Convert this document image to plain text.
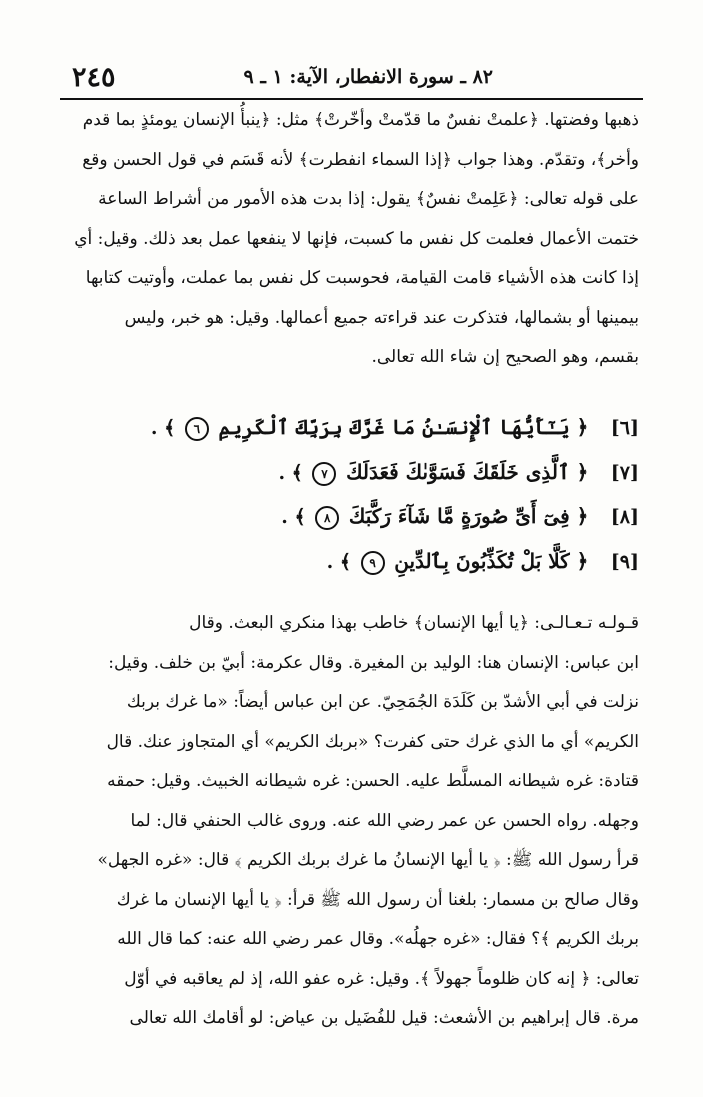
٢٤٥	٨٢ ـ سورة الانفطار، الآية: ١ ـ ٩
ذهبها وفضتها. ﴿علمتْ نفسٌ ما قدّمتْ وأخّرتْ﴾ مثل: ﴿ينبأُ الإنسان يومئذٍ بما قدم
وأخر﴾، وتقدّم. وهذا جواب ﴿إذا السماء انفطرت﴾ لأنه قَسَم في قول الحسن وقع
على قوله تعالى: ﴿عَلِمتْ نفسٌ﴾ يقول: إذا بدت هذه الأمور من أشراط الساعة
ختمت الأعمال فعلمت كل نفس ما كسبت، فإنها لا ينفعها عمل بعد ذلك. وقيل: أي
إذا كانت هذه الأشياء قامت القيامة، فحوسبت كل نفس بما عملت، وأوتيت كتابها
بيمينها أو بشمالها، فتذكرت عند قراءته جميع أعمالها. وقيل: هو خبر، وليس
بقسم، وهو الصحيح إن شاء الله تعالى.
[٦] ﴿ يَـٰٓأَيُّهَا ٱلْإِنسَـٰنُ مَا غَرَّكَ بِرَبِّكَ ٱلْكَرِيمِ ٦ ﴾ .
[٧] ﴿ ٱلَّذِى خَلَقَكَ فَسَوَّىٰكَ فَعَدَلَكَ ٧ ﴾ .
[٨] ﴿ فِىٓ أَىِّ صُورَةٍ مَّا شَآءَ رَكَّبَكَ ٨ ﴾ .
[٩] ﴿ كَلَّا بَلْ تُكَذِّبُونَ بِٱلدِّينِ ٩ ﴾ .
قـولـه تـعـالـى: ﴿يا أيها الإنسان﴾ خاطب بهذا منكري البعث. وقال
ابن عباس: الإنسان هنا: الوليد بن المغيرة. وقال عكرمة: أبيّ بن خلف. وقيل:
نزلت في أبي الأشدّ بن كَلَدَة الجُمَحِيّ. عن ابن عباس أيضاً: «ما غرك بربك
الكريم» أي ما الذي غرك حتى كفرت؟ «بربك الكريم» أي المتجاوز عنك. قال
قتادة: غره شيطانه المسلَّط عليه. الحسن: غره شيطانه الخبيث. وقيل: حمقه
وجهله. رواه الحسن عن عمر رضي الله عنه. وروى غالب الحنفي قال: لما
قرأ رسول الله ﷺ: ﴿ يا أيها الإنسانُ ما غرك بربك الكريم ﴾ قال: «غره الجهل»
وقال صالح بن مسمار: بلغنا أن رسول الله ﷺ قرأ: ﴿ يا أيها الإنسان ما غرك
بربك الكريم ﴾؟ فقال: «غره جهلُه». وقال عمر رضي الله عنه: كما قال الله
تعالى: ﴿ إنه كان ظلوماً جهولاً ﴾. وقيل: غره عفو الله، إذ لم يعاقبه في أوّل
مرة. قال إبراهيم بن الأشعث: قيل للفُضَيل بن عياض: لو أقامك الله تعالى
